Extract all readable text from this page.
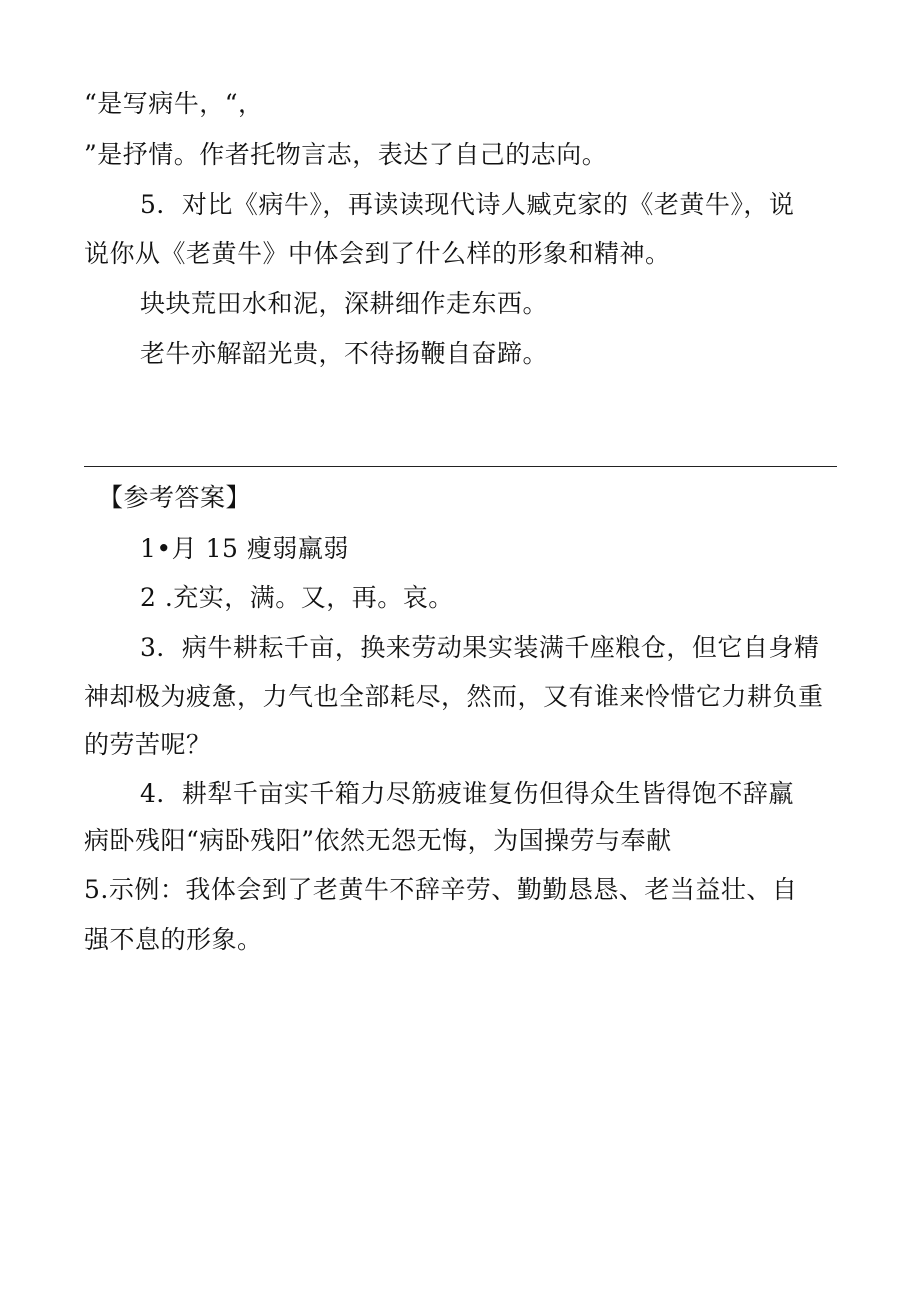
“是写病牛，“，
”是抒情。作者托物言志，表达了自己的志向。
5．对比《病牛》，再读读现代诗人臧克家的《老黄牛》，说
说你从《老黄牛》中体会到了什么样的形象和精神。
块块荒田水和泥，深耕细作走东西。
老牛亦解韶光贵，不待扬鞭自奋蹄。
【参考答案】
1•月 15 瘦弱羸弱
2 .充实，满。又，再。哀。
3．病牛耕耘千亩，换来劳动果实装满千座粮仓，但它自身精
神却极为疲惫，力气也全部耗尽，然而，又有谁来怜惜它力耕负重
的劳苦呢？
4．耕犁千亩实千箱力尽筋疲谁复伤但得众生皆得饱不辞羸
病卧残阳“病卧残阳”依然无怨无悔，为国操劳与奉献
5.示例：我体会到了老黄牛不辞辛劳、勤勤恳恳、老当益壮、自
强不息的形象。
